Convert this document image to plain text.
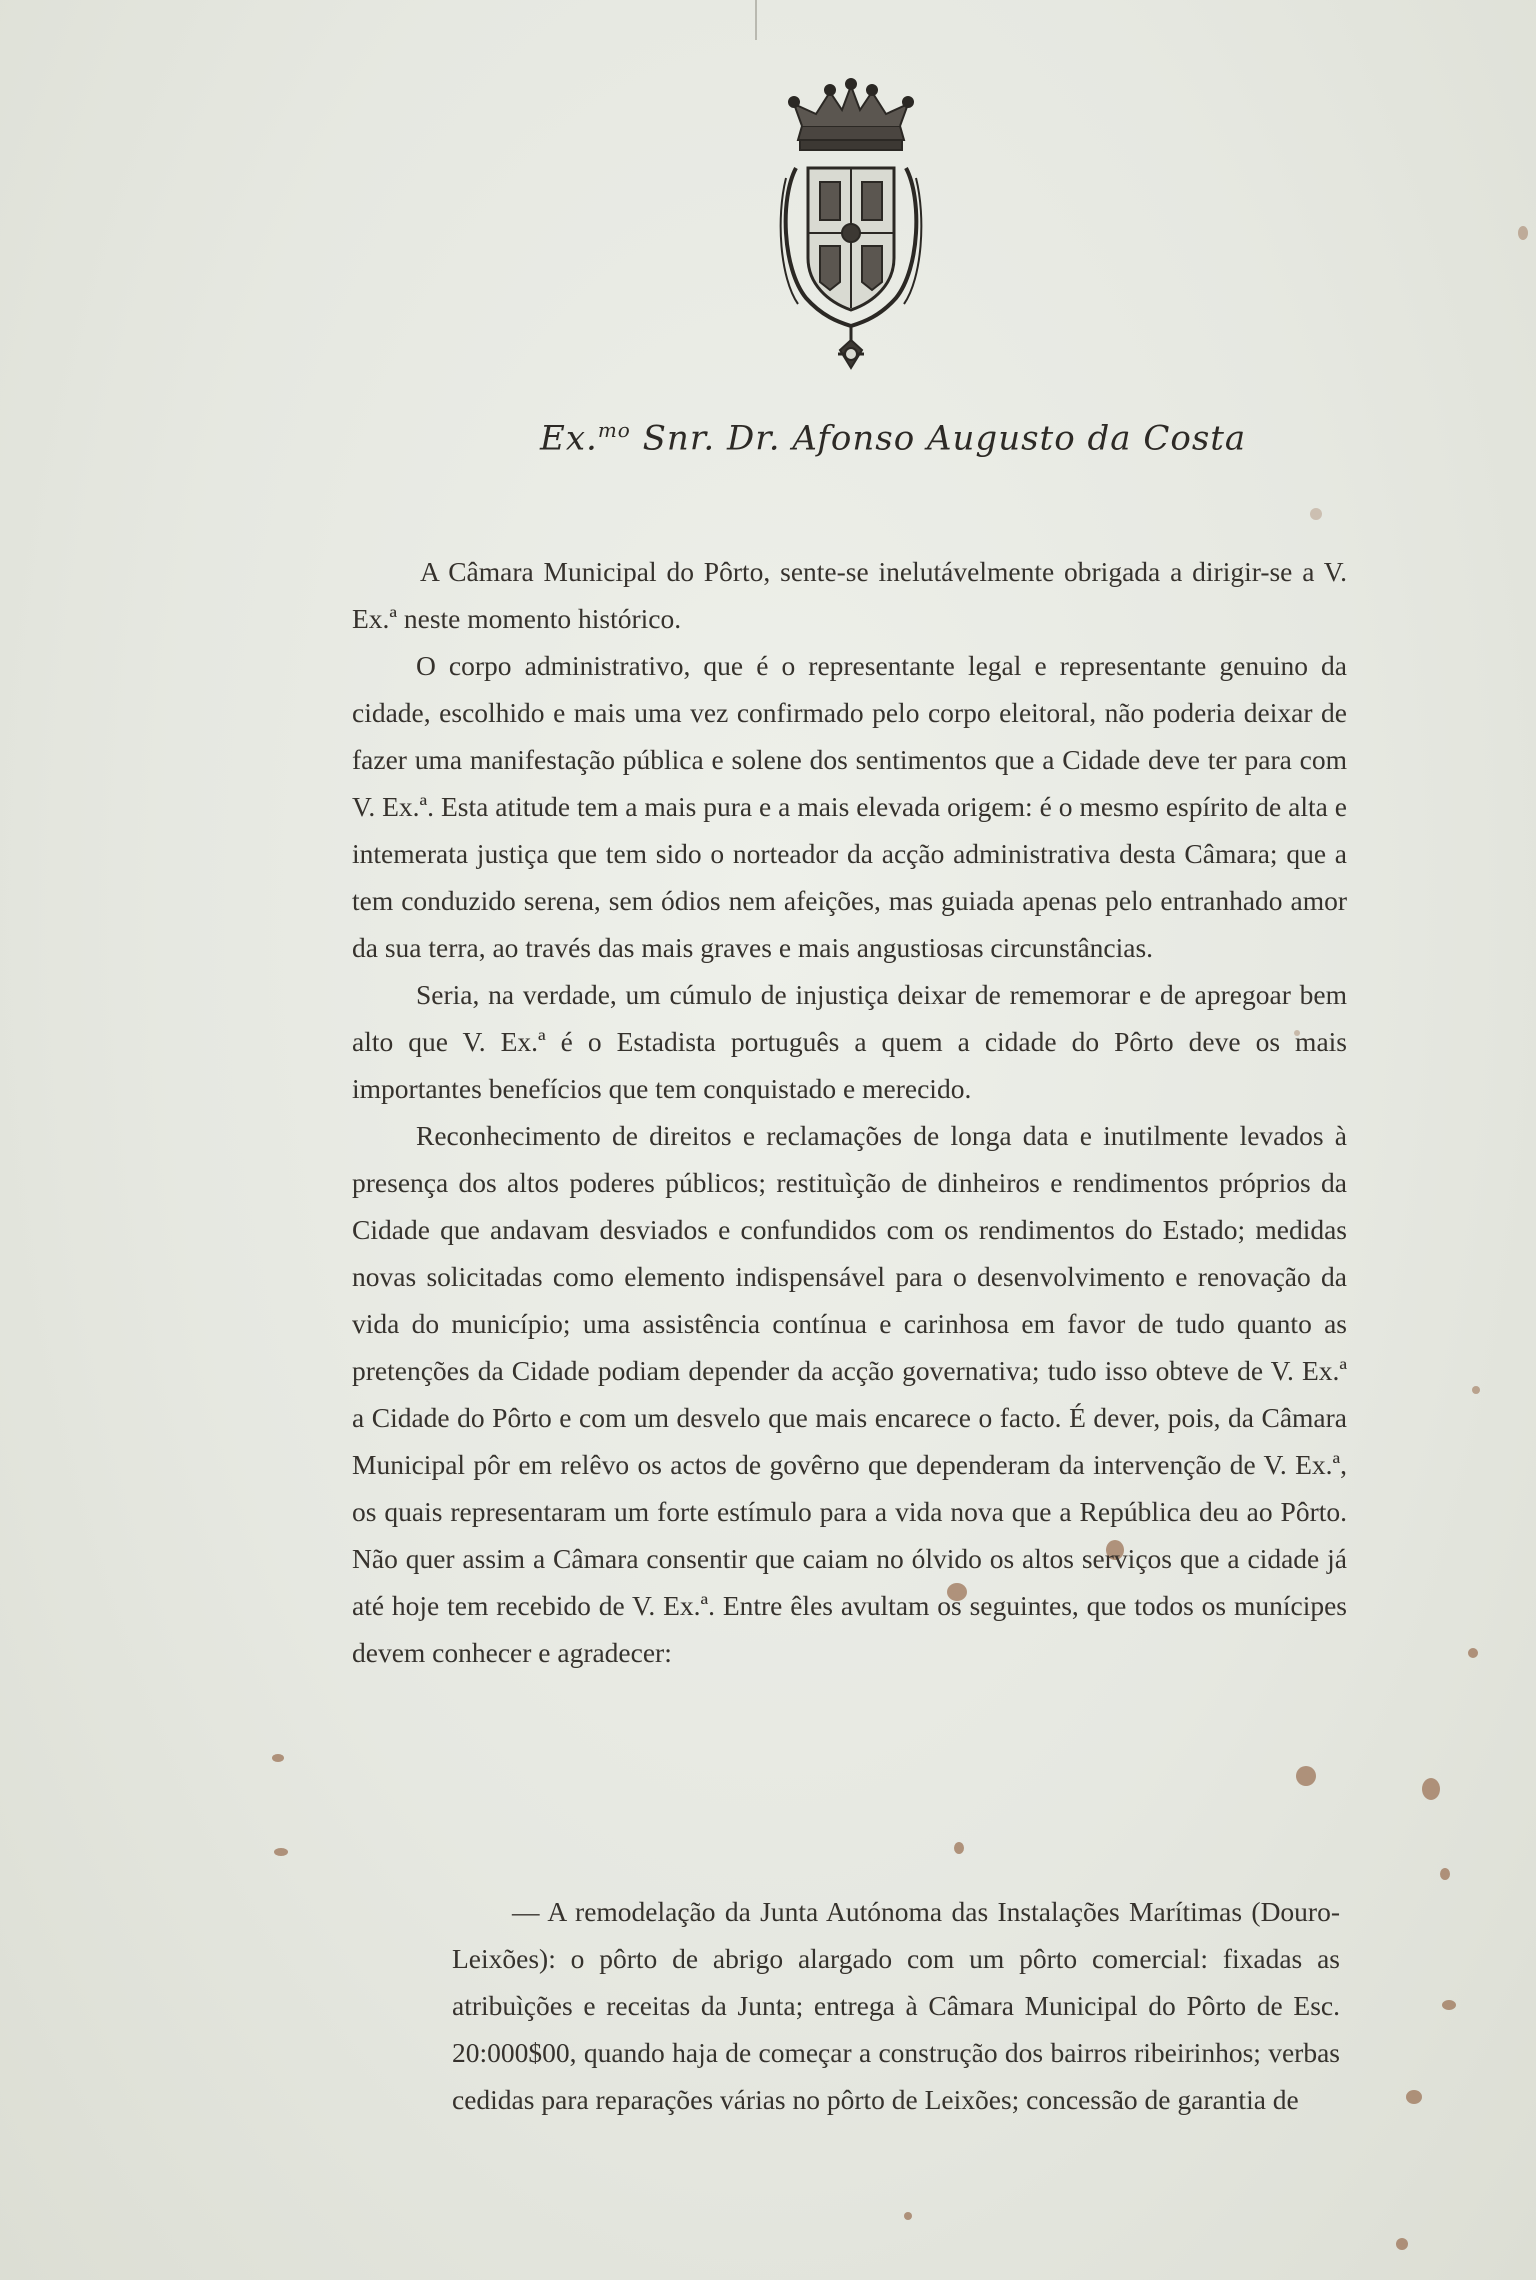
Ex.$^{mo}$ Snr. Dr. Afonso Augusto da Costa

A Câmara Municipal do Pôrto, sente-se inelutávelmente obrigada a dirigir-se a V. Ex.ª neste momento histórico.

O corpo administrativo, que é o representante legal e representante genuino da cidade, escolhido e mais uma vez confirmado pelo corpo eleitoral, não poderia deixar de fazer uma manifestação pública e solene dos sentimentos que a Cidade deve ter para com V. Ex.ª. Esta atitude tem a mais pura e a mais elevada origem: é o mesmo espírito de alta e intemerata justiça que tem sido o norteador da acção administrativa desta Câmara; que a tem conduzido serena, sem ódios nem afeições, mas guiada apenas pelo entranhado amor da sua terra, ao través das mais graves e mais angustiosas circunstâncias.

Seria, na verdade, um cúmulo de injustiça deixar de rememorar e de apregoar bem alto que V. Ex.ª é o Estadista português a quem a cidade do Pôrto deve os mais importantes benefícios que tem conquistado e merecido.

Reconhecimento de direitos e reclamações de longa data e inutilmente levados à presença dos altos poderes públicos; restituìção de dinheiros e rendimentos próprios da Cidade que andavam desviados e confundidos com os rendimentos do Estado; medidas novas solicitadas como elemento indispensável para o desenvolvimento e renovação da vida do município; uma assistência contínua e carinhosa em favor de tudo quanto as pretenções da Cidade podiam depender da acção governativa; tudo isso obteve de V. Ex.ª a Cidade do Pôrto e com um desvelo que mais encarece o facto. É dever, pois, da Câmara Municipal pôr em relêvo os actos de govêrno que dependeram da intervenção de V. Ex.ª, os quais representaram um forte estímulo para a vida nova que a República deu ao Pôrto. Não quer assim a Câmara consentir que caiam no ólvido os altos serviços que a cidade já até hoje tem recebido de V. Ex.ª. Entre êles avultam os seguintes, que todos os munícipes devem conhecer e agradecer:

— A remodelação da Junta Autónoma das Instalações Marítimas (Douro-Leixões): o pôrto de abrigo alargado com um pôrto comercial: fixadas as atribuìções e receitas da Junta; entrega à Câmara Municipal do Pôrto de Esc. 20:000$00, quando haja de começar a construção dos bairros ribeirinhos; verbas cedidas para reparações várias no pôrto de Leixões; concessão de garantia de
